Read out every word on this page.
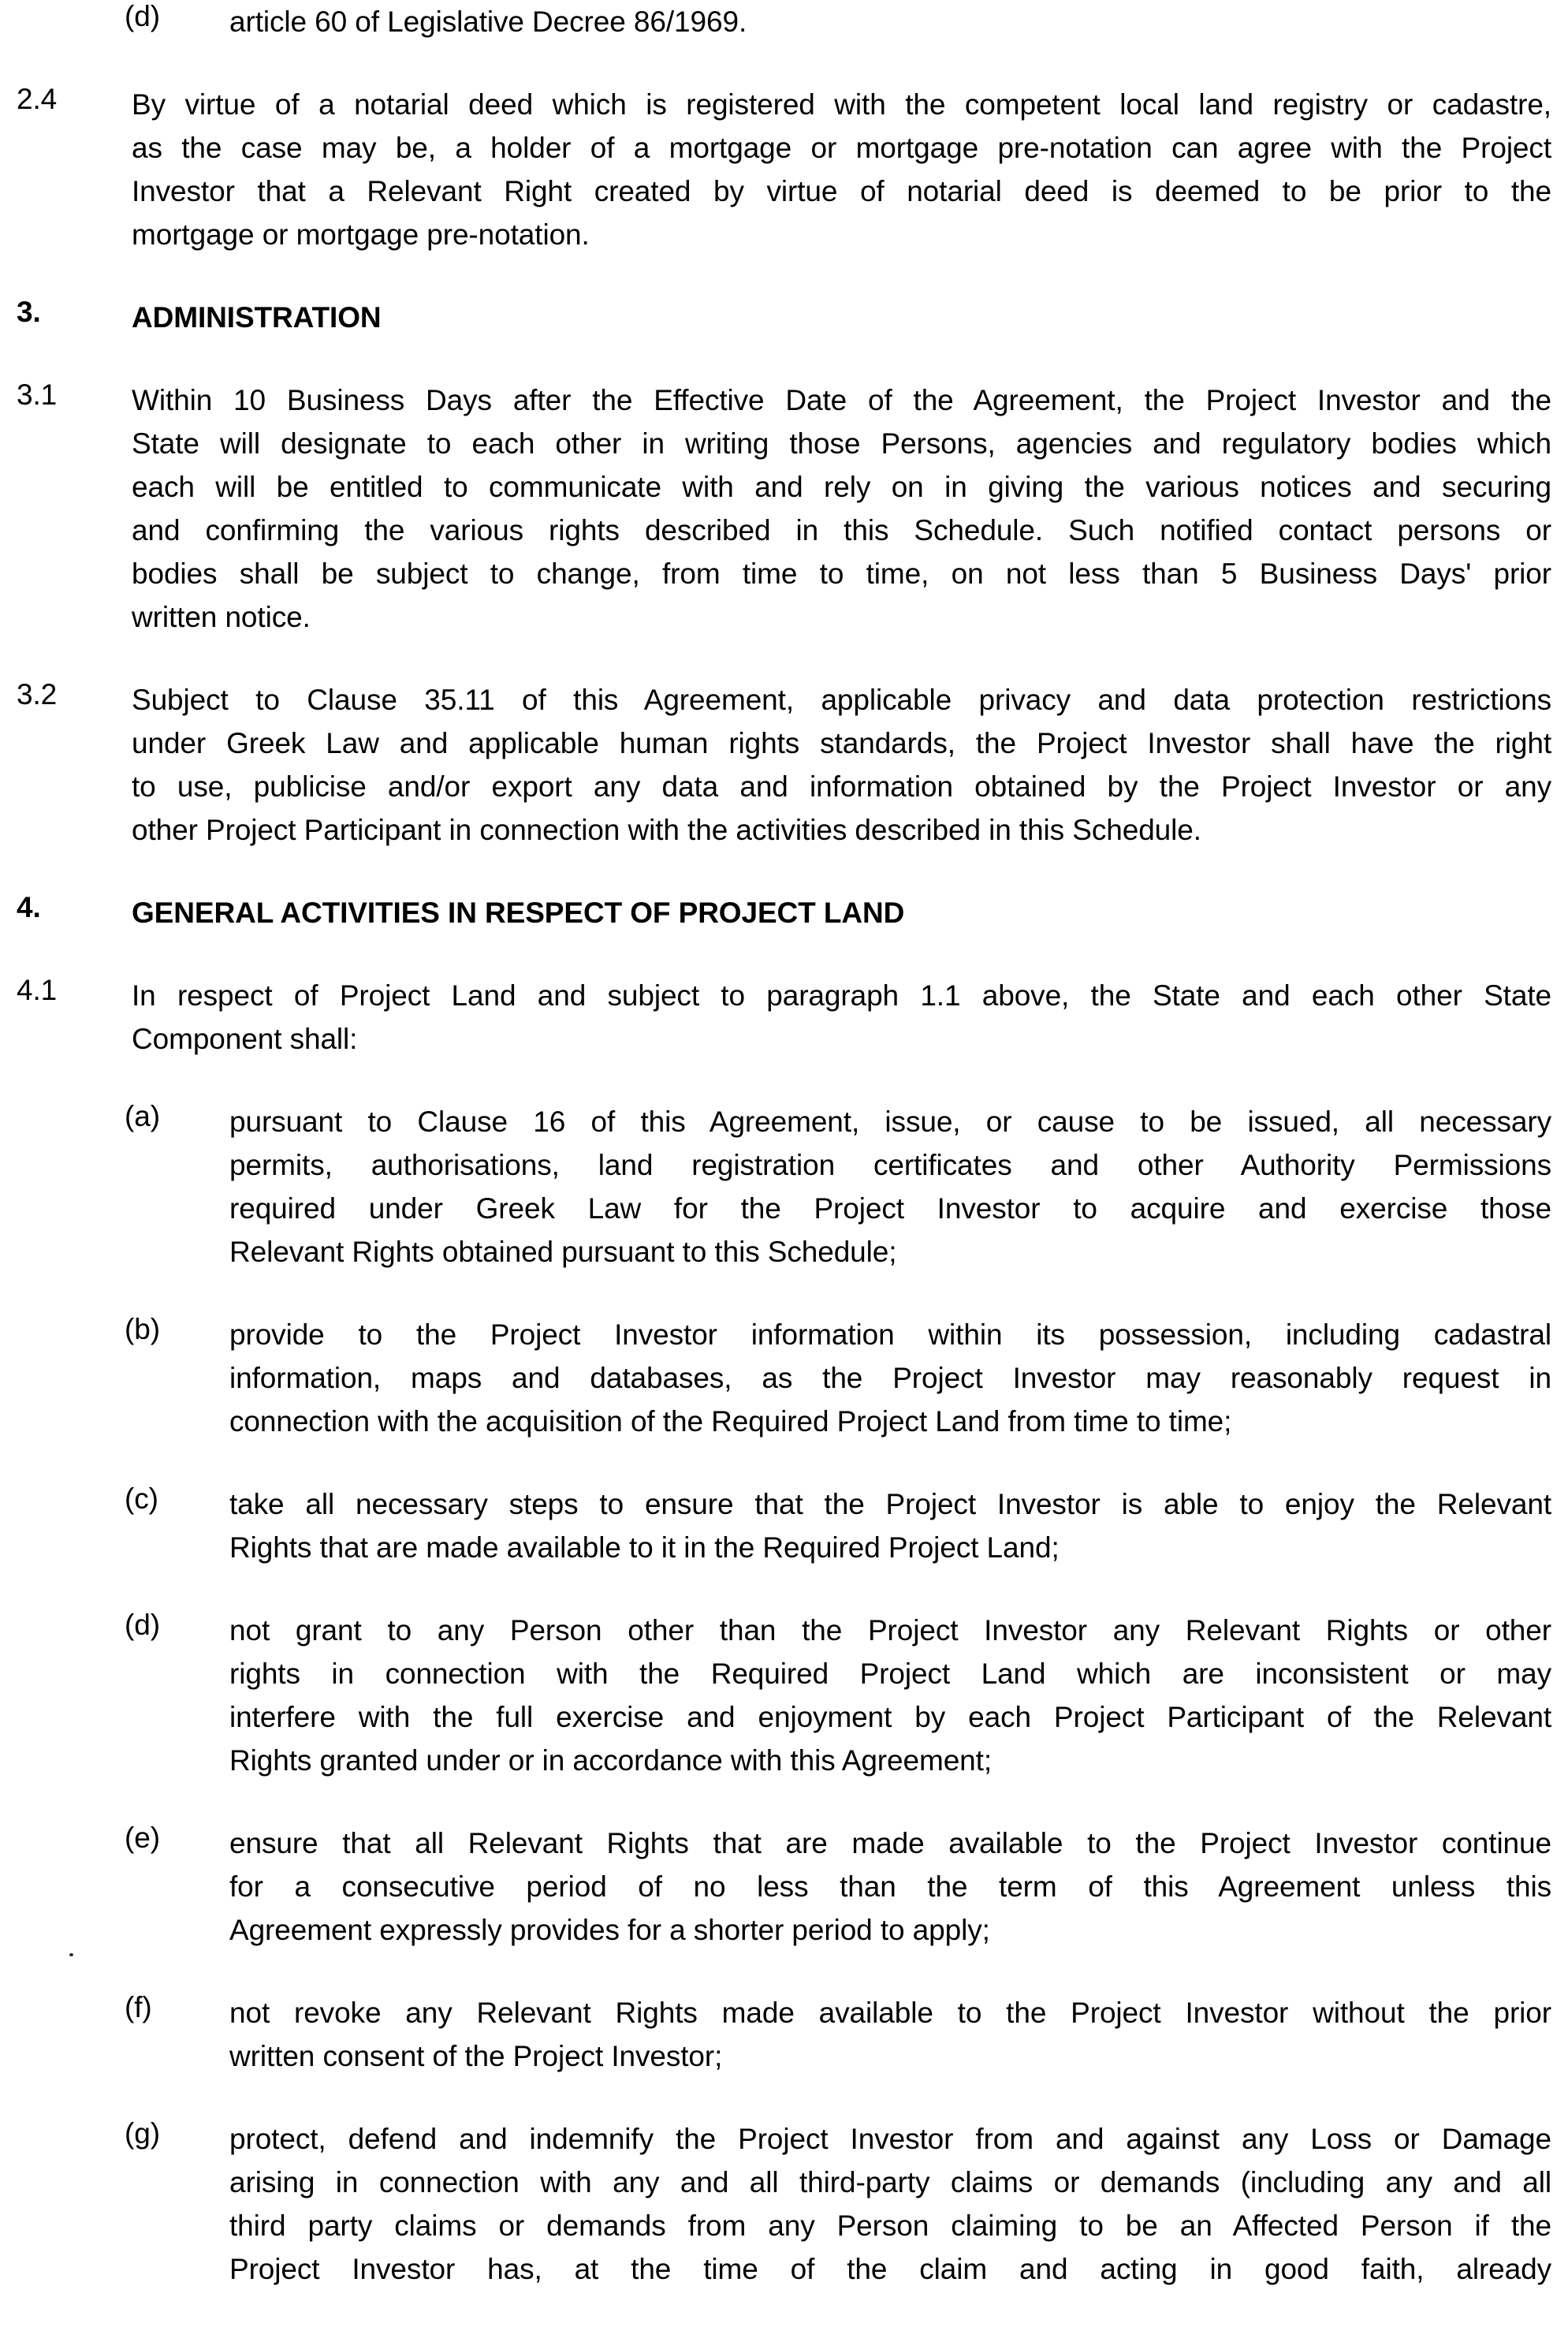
(d)	article 60 of Legislative Decree 86/1969.
2.4	By virtue of a notarial deed which is registered with the competent local land registry or cadastre,
as the case may be, a holder of a mortgage or mortgage pre-notation can agree with the Project
Investor that a Relevant Right created by virtue of notarial deed is deemed to be prior to the
mortgage or mortgage pre-notation.
3.	ADMINISTRATION
3.1	Within 10 Business Days after the Effective Date of the Agreement, the Project Investor and the
State will designate to each other in writing those Persons, agencies and regulatory bodies which
each will be entitled to communicate with and rely on in giving the various notices and securing
and confirming the various rights described in this Schedule. Such notified contact persons or
bodies shall be subject to change, from time to time, on not less than 5 Business Days' prior
written notice.
3.2	Subject to Clause 35.11 of this Agreement, applicable privacy and data protection restrictions
under Greek Law and applicable human rights standards, the Project Investor shall have the right
to use, publicise and/or export any data and information obtained by the Project Investor or any
other Project Participant in connection with the activities described in this Schedule.
4.	GENERAL ACTIVITIES IN RESPECT OF PROJECT LAND
4.1	In respect of Project Land and subject to paragraph 1.1 above, the State and each other State
Component shall:
(a)	pursuant to Clause 16 of this Agreement, issue, or cause to be issued, all necessary
permits, authorisations, land registration certificates and other Authority Permissions
required under Greek Law for the Project Investor to acquire and exercise those
Relevant Rights obtained pursuant to this Schedule;
(b)	provide to the Project Investor information within its possession, including cadastral
information, maps and databases, as the Project Investor may reasonably request in
connection with the acquisition of the Required Project Land from time to time;
(c)	take all necessary steps to ensure that the Project Investor is able to enjoy the Relevant
Rights that are made available to it in the Required Project Land;
(d)	not grant to any Person other than the Project Investor any Relevant Rights or other
rights in connection with the Required Project Land which are inconsistent or may
interfere with the full exercise and enjoyment by each Project Participant of the Relevant
Rights granted under or in accordance with this Agreement;
(e)	ensure that all Relevant Rights that are made available to the Project Investor continue
for a consecutive period of no less than the term of this Agreement unless this
Agreement expressly provides for a shorter period to apply;
(f)	not revoke any Relevant Rights made available to the Project Investor without the prior
written consent of the Project Investor;
(g)	protect, defend and indemnify the Project Investor from and against any Loss or Damage
arising in connection with any and all third-party claims or demands (including any and all
third party claims or demands from any Person claiming to be an Affected Person if the
Project Investor has, at the time of the claim and acting in good faith, already
